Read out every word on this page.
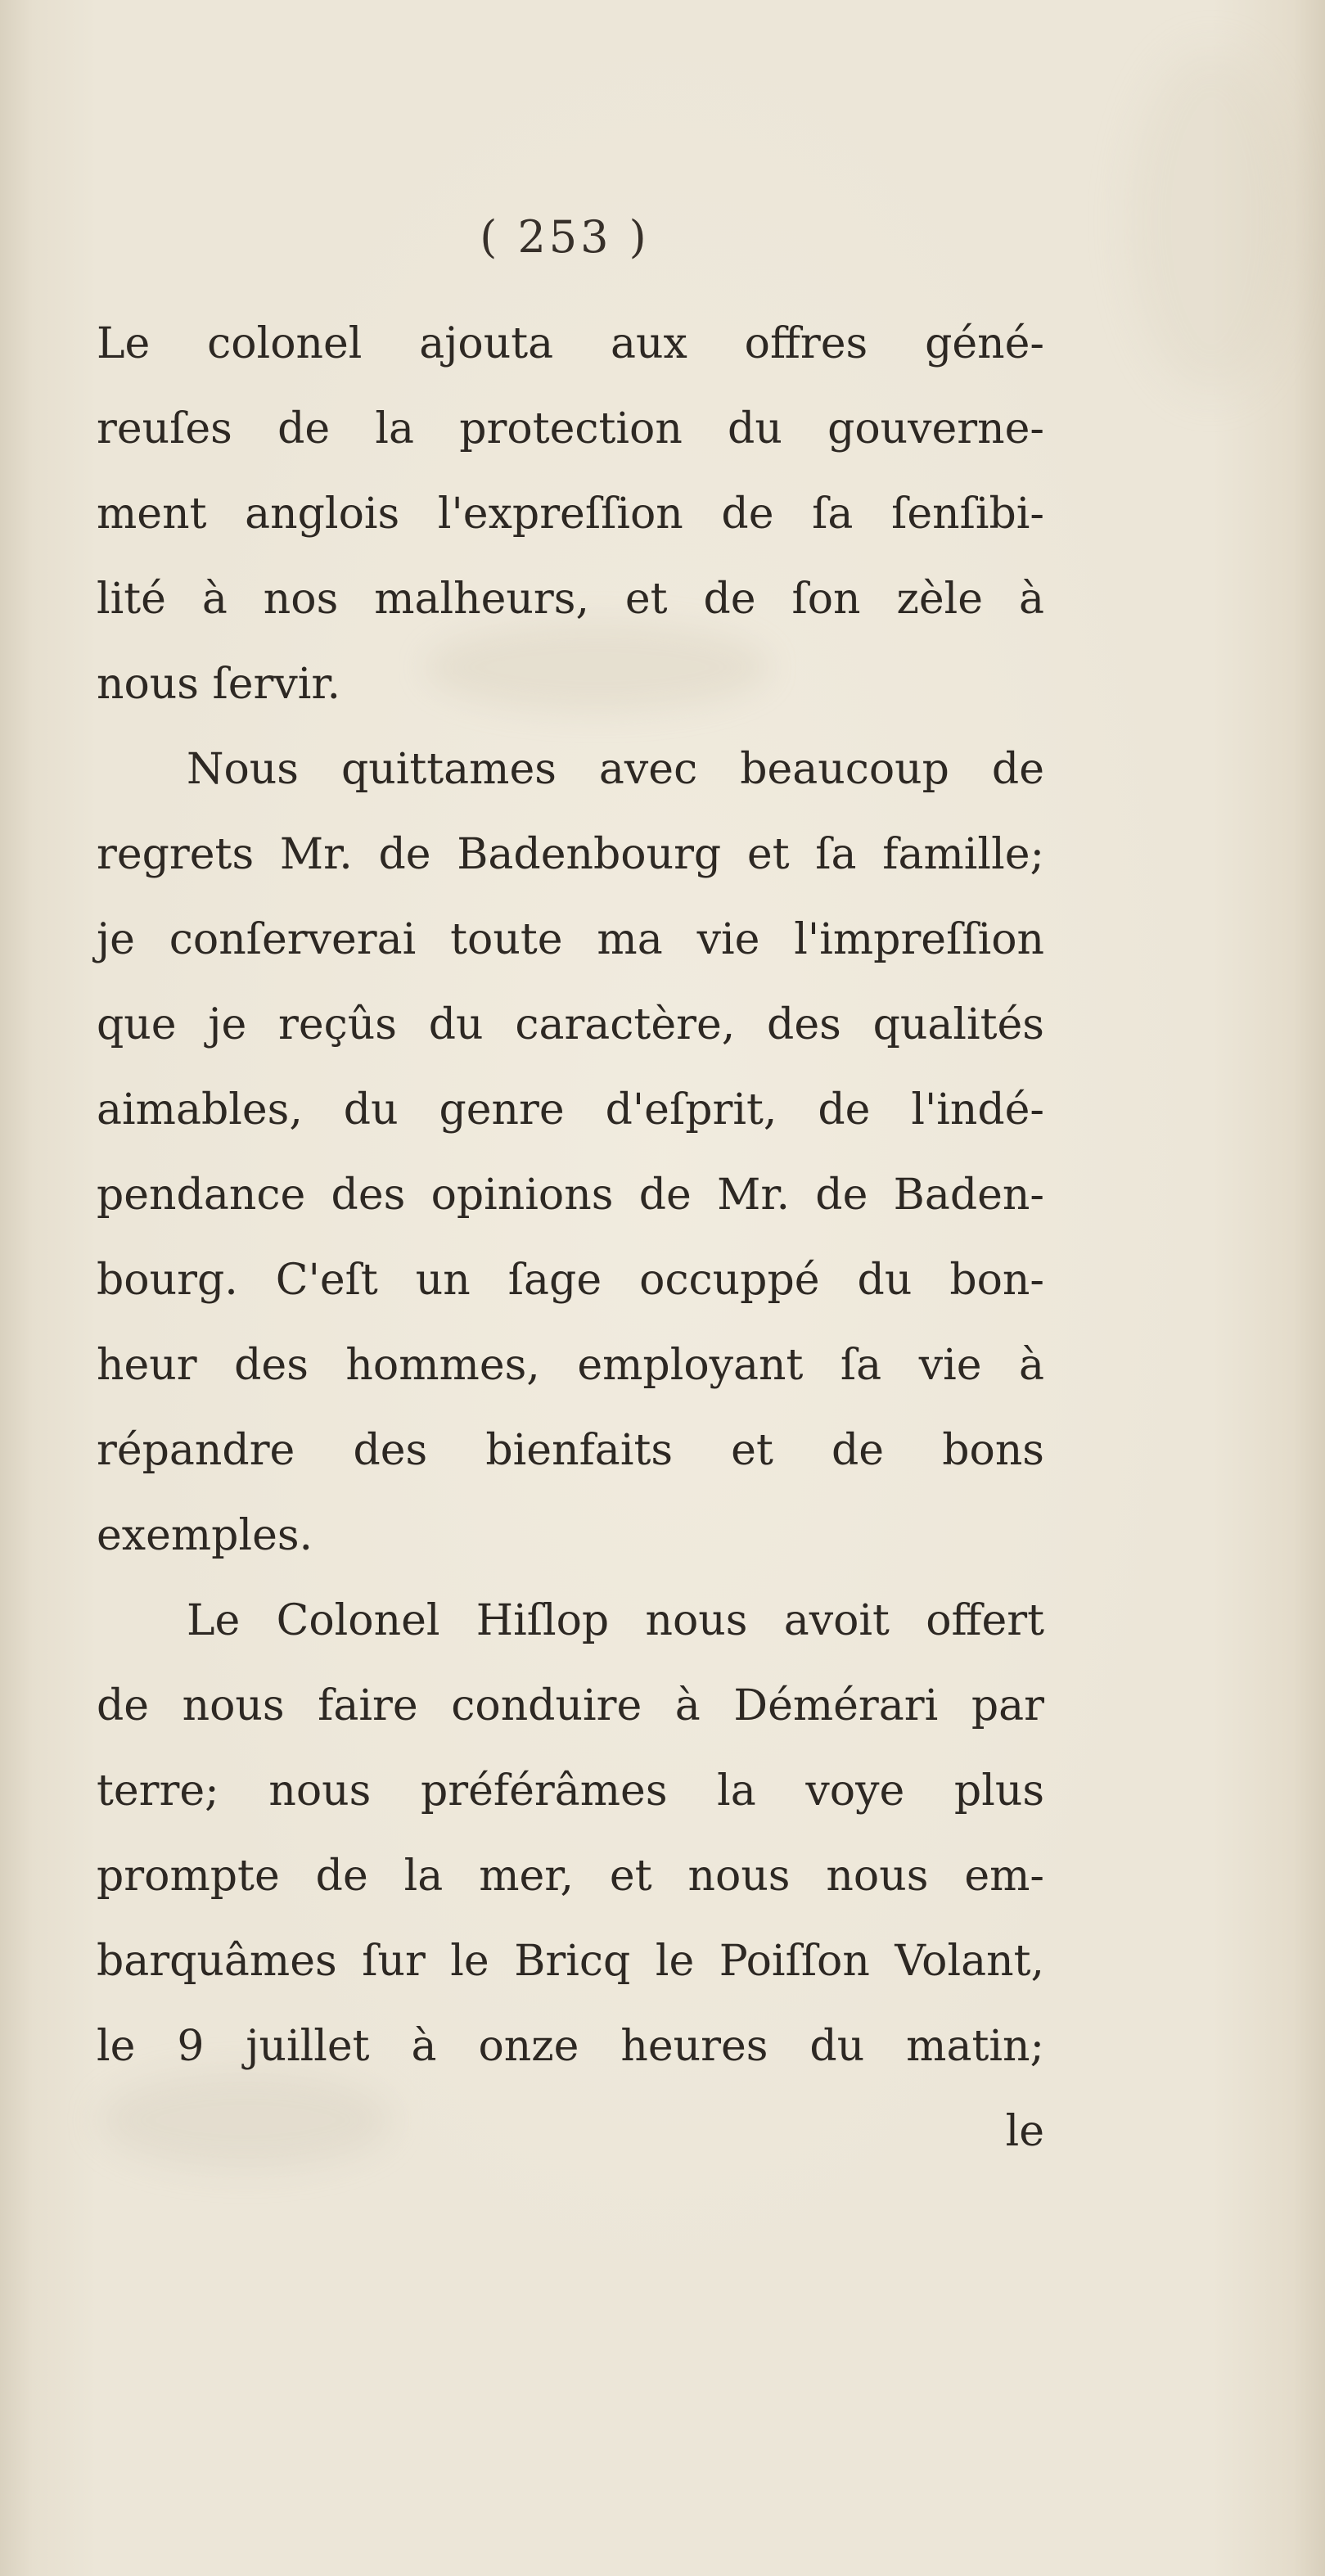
( 253 )
Le colonel ajouta aux offres géné-
reuſes de la protection du gouverne-
ment anglois l'expreſſion de ſa ſenſibi-
lité à nos malheurs, et de ſon zèle à
nous ſervir.
Nous quittames avec beaucoup de
regrets Mr. de Badenbourg et ſa famille;
je conſerverai toute ma vie l'impreſſion
que je reçûs du caractère, des qualités
aimables, du genre d'eſprit, de l'indé-
pendance des opinions de Mr. de Baden-
bourg. C'eſt un ſage occuppé du bon-
heur des hommes, employant ſa vie à
répandre des bienfaits et de bons
exemples.
Le Colonel Hiſlop nous avoit offert
de nous faire conduire à Démérari par
terre; nous préférâmes la voye plus
prompte de la mer, et nous nous em-
barquâmes ſur le Bricq le Poiſſon Volant,
le 9 juillet à onze heures du matin;
le
